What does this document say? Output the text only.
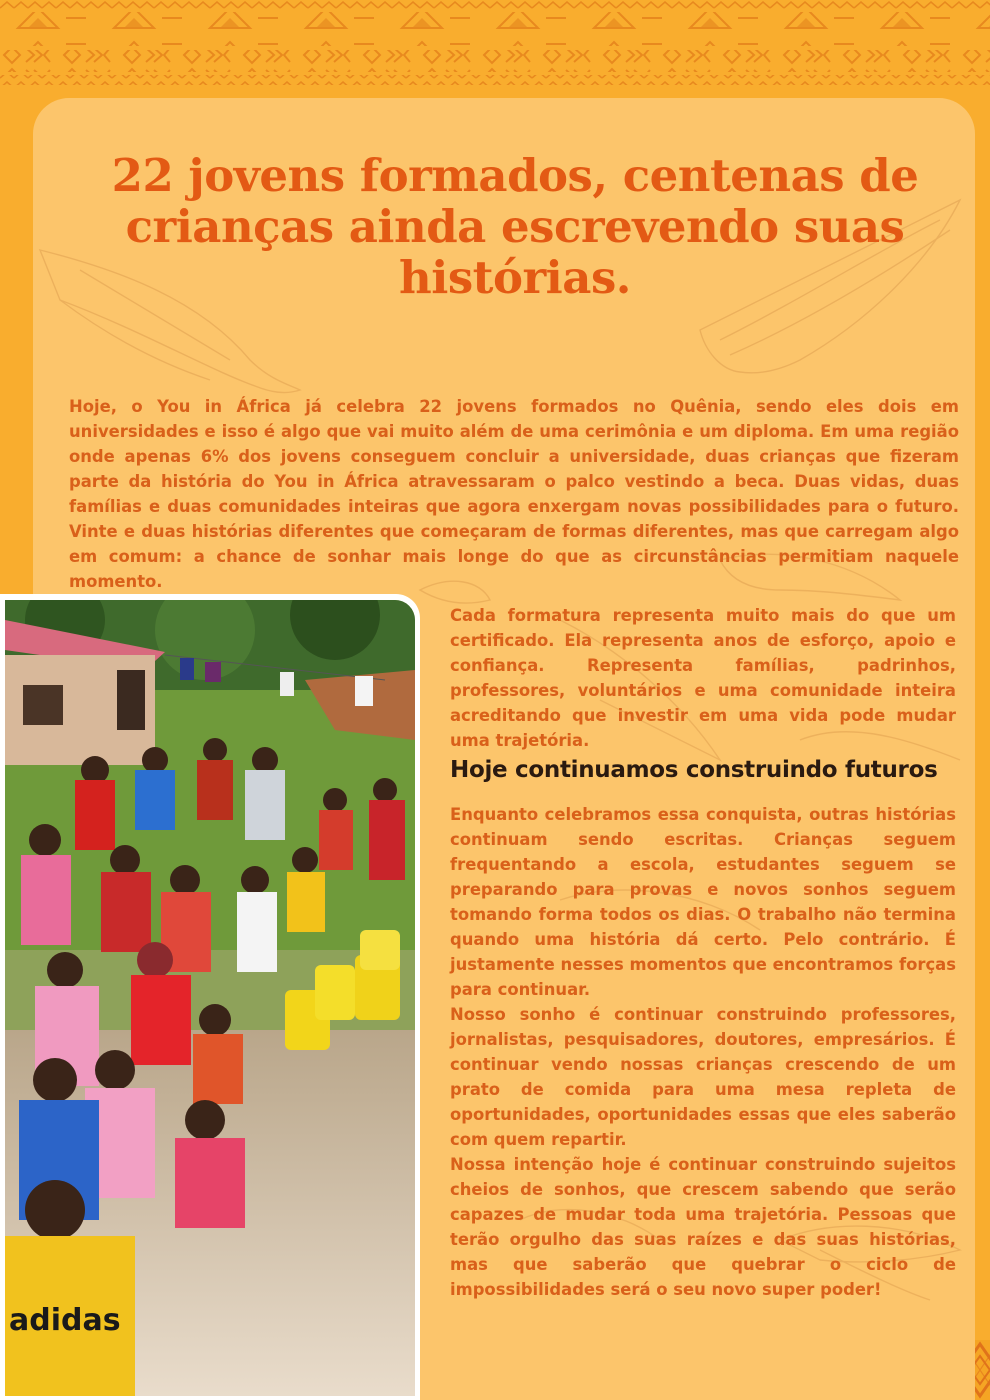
22 jovens formados, centenas de crianças ainda escrevendo suas histórias.

Hoje, o You in África já celebra 22 jovens formados no Quênia, sendo eles dois em universidades e isso é algo que vai muito além de uma cerimônia e um diploma. Em uma região onde apenas 6% dos jovens conseguem concluir a universidade, duas crianças que fizeram parte da história do You in África atravessaram o palco vestindo a beca. Duas vidas, duas famílias e duas comunidades inteiras que agora enxergam novas possibilidades para o futuro. Vinte e duas histórias diferentes que começaram de formas diferentes, mas que carregam algo em comum: a chance de sonhar mais longe do que as circunstâncias permitiam naquele momento.

adidas

Cada formatura representa muito mais do que um certificado. Ela representa anos de esforço, apoio e confiança. Representa famílias, padrinhos, professores, voluntários e uma comunidade inteira acreditando que investir em uma vida pode mudar uma trajetória.

Hoje continuamos construindo futuros

Enquanto celebramos essa conquista, outras histórias continuam sendo escritas. Crianças seguem frequentando a escola, estudantes seguem se preparando para provas e novos sonhos seguem tomando forma todos os dias. O trabalho não termina quando uma história dá certo. Pelo contrário. É justamente nesses momentos que encontramos forças para continuar.

Nosso sonho é continuar construindo professores, jornalistas, pesquisadores, doutores, empresários. É continuar vendo nossas crianças crescendo de um prato de comida para uma mesa repleta de oportunidades, oportunidades essas que eles saberão com quem repartir.

Nossa intenção hoje é continuar construindo sujeitos cheios de sonhos, que crescem sabendo que serão capazes de mudar toda uma trajetória. Pessoas que terão orgulho das suas raízes e das suas histórias, mas que saberão que quebrar o ciclo de impossibilidades será o seu novo super poder!
